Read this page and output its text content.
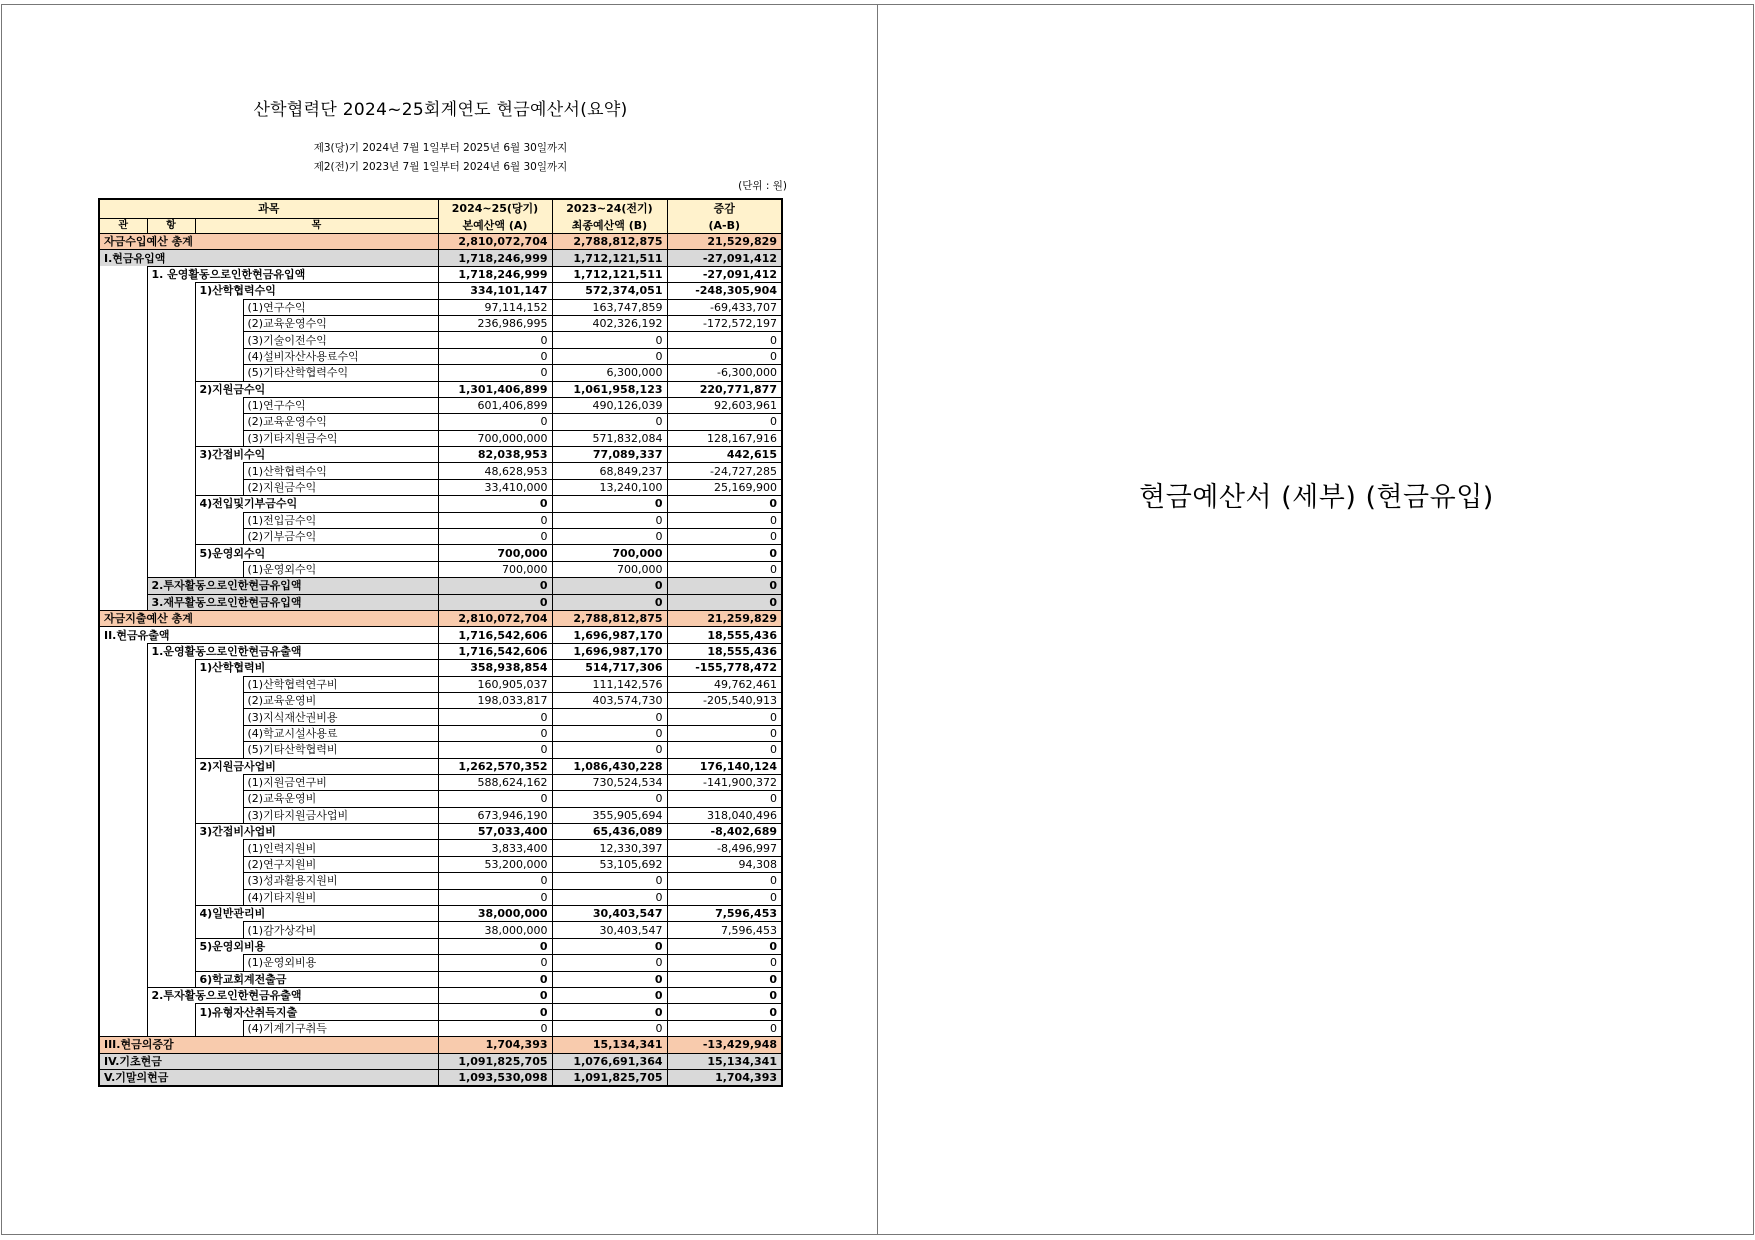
산학협력단 2024~25회계연도 현금예산서(요약)
제3(당)기 2024년 7월 1일부터 2025년 6월 30일까지
제2(전)기 2023년 7월 1일부터 2024년 6월 30일까지
(단위 : 원)
과목				2024~25(당기)	2023~24(전기)	증감
관	항	목		본예산액 (A)	최종예산액 (B)	(A-B)
자금수입예산 총계				2,810,072,704	2,788,812,875	21,529,829
I.현금유입액				1,718,246,999	1,712,121,511	-27,091,412
	1. 운영활동으로인한현금유입액			1,718,246,999	1,712,121,511	-27,091,412
		1)산학협력수익		334,101,147	572,374,051	-248,305,904
			(1)연구수익	97,114,152	163,747,859	-69,433,707
			(2)교육운영수익	236,986,995	402,326,192	-172,572,197
			(3)기술이전수익	0	0	0
			(4)설비자산사용료수익	0	0	0
			(5)기타산학협력수익	0	6,300,000	-6,300,000
		2)지원금수익		1,301,406,899	1,061,958,123	220,771,877
			(1)연구수익	601,406,899	490,126,039	92,603,961
			(2)교육운영수익	0	0	0
			(3)기타지원금수익	700,000,000	571,832,084	128,167,916
		3)간접비수익		82,038,953	77,089,337	442,615
			(1)산학협력수익	48,628,953	68,849,237	-24,727,285
			(2)지원금수익	33,410,000	13,240,100	25,169,900
		4)전입및기부금수익		0	0	0
			(1)전입금수익	0	0	0
			(2)기부금수익	0	0	0
		5)운영외수익		700,000	700,000	0
			(1)운영외수익	700,000	700,000	0
	2.투자활동으로인한현금유입액			0	0	0
	3.재무활동으로인한현금유입액			0	0	0
자금지출예산 총계				2,810,072,704	2,788,812,875	21,259,829
II.현금유출액				1,716,542,606	1,696,987,170	18,555,436
	1.운영활동으로인한현금유출액			1,716,542,606	1,696,987,170	18,555,436
		1)산학협력비		358,938,854	514,717,306	-155,778,472
			(1)산학협력연구비	160,905,037	111,142,576	49,762,461
			(2)교육운영비	198,033,817	403,574,730	-205,540,913
			(3)지식재산권비용	0	0	0
			(4)학교시설사용료	0	0	0
			(5)기타산학협력비	0	0	0
		2)지원금사업비		1,262,570,352	1,086,430,228	176,140,124
			(1)지원금연구비	588,624,162	730,524,534	-141,900,372
			(2)교육운영비	0	0	0
			(3)기타지원금사업비	673,946,190	355,905,694	318,040,496
		3)간접비사업비		57,033,400	65,436,089	-8,402,689
			(1)인력지원비	3,833,400	12,330,397	-8,496,997
			(2)연구지원비	53,200,000	53,105,692	94,308
			(3)성과활용지원비	0	0	0
			(4)기타지원비	0	0	0
		4)일반관리비		38,000,000	30,403,547	7,596,453
			(1)감가상각비	38,000,000	30,403,547	7,596,453
		5)운영외비용		0	0	0
			(1)운영외비용	0	0	0
		6)학교회계전출금		0	0	0
	2.투자활동으로인한현금유출액			0	0	0
		1)유형자산취득지출		0	0	0
			(4)기계기구취득	0	0	0
III.현금의증감				1,704,393	15,134,341	-13,429,948
IV.기초현금				1,091,825,705	1,076,691,364	15,134,341
V.기말의현금				1,093,530,098	1,091,825,705	1,704,393
현금예산서 (세부) (현금유입)
